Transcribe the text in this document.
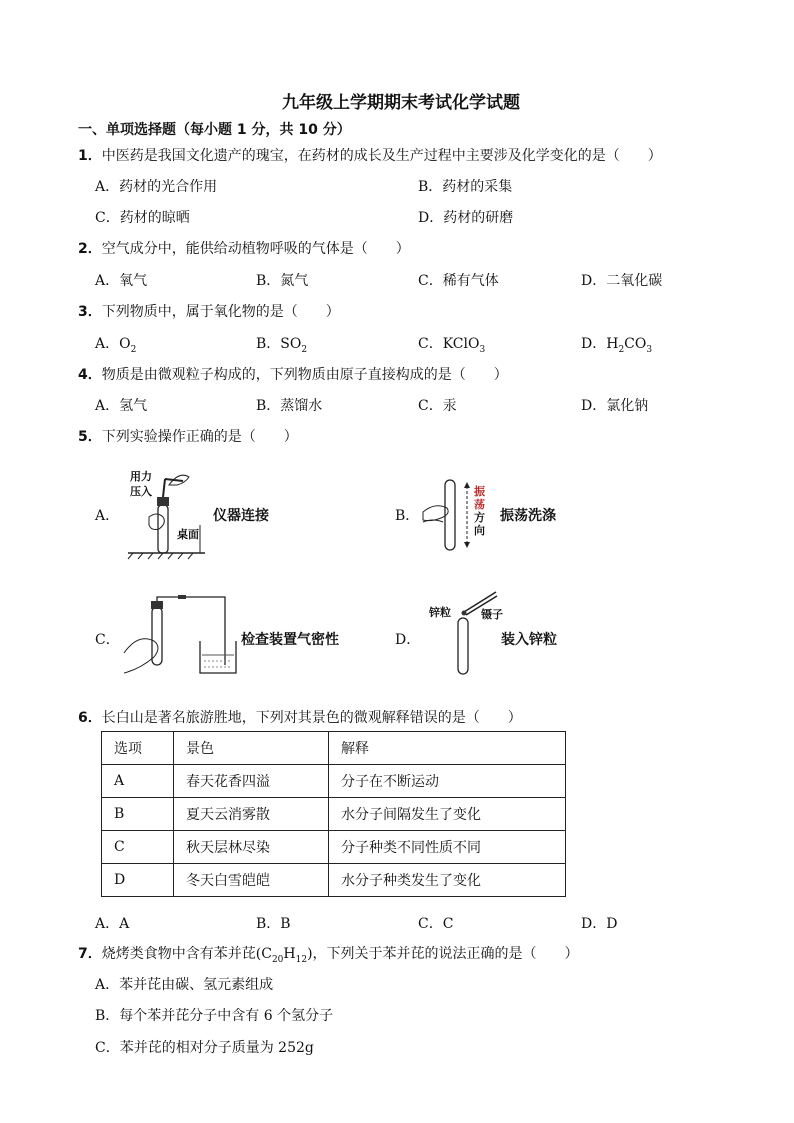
九年级上学期期末考试化学试题
一、单项选择题（每小题 1 分，共 10 分）
1．中医药是我国文化遗产的瑰宝，在药材的成长及生产过程中主要涉及化学变化的是（　　）
A．药材的光合作用	B．药材的采集
C．药材的晾晒	D．药材的研磨
2．空气成分中，能供给动植物呼吸的气体是（　　）
A．氧气	B．氮气	C．稀有气体	D．二氧化碳
3．下列物质中，属于氧化物的是（　　）
A．$O_2$	B．$SO_2$	C．KClO$_3$	D．$H_2CO_3$
4．物质是由微观粒子构成的，下列物质由原子直接构成的是（　　）
A．氢气	B．蒸馏水	C．汞	D．氯化钠
5．下列实验操作正确的是（　　）
A．
用力
压入
桌面
仪器连接	B．
振
荡
方
向
振荡洗涤
C．	检查装置气密性	D．
锌粒	镊子
装入锌粒
6．长白山是著名旅游胜地，下列对其景色的微观解释错误的是（　　）
选项	景色	解释
A	春天花香四溢	分子在不断运动
B	夏天云消雾散	水分子间隔发生了变化
C	秋天层林尽染	分子种类不同性质不同
D	冬天白雪皑皑	水分子种类发生了变化
A．A	B．B	C．C	D．D
7．烧烤类食物中含有苯并芘$(C_{20}H_{12})$，下列关于苯并芘的说法正确的是（　　）
A．苯并芘由碳、氢元素组成
B．每个苯并芘分子中含有 6 个氢分子
C．苯并芘的相对分子质量为 252g
